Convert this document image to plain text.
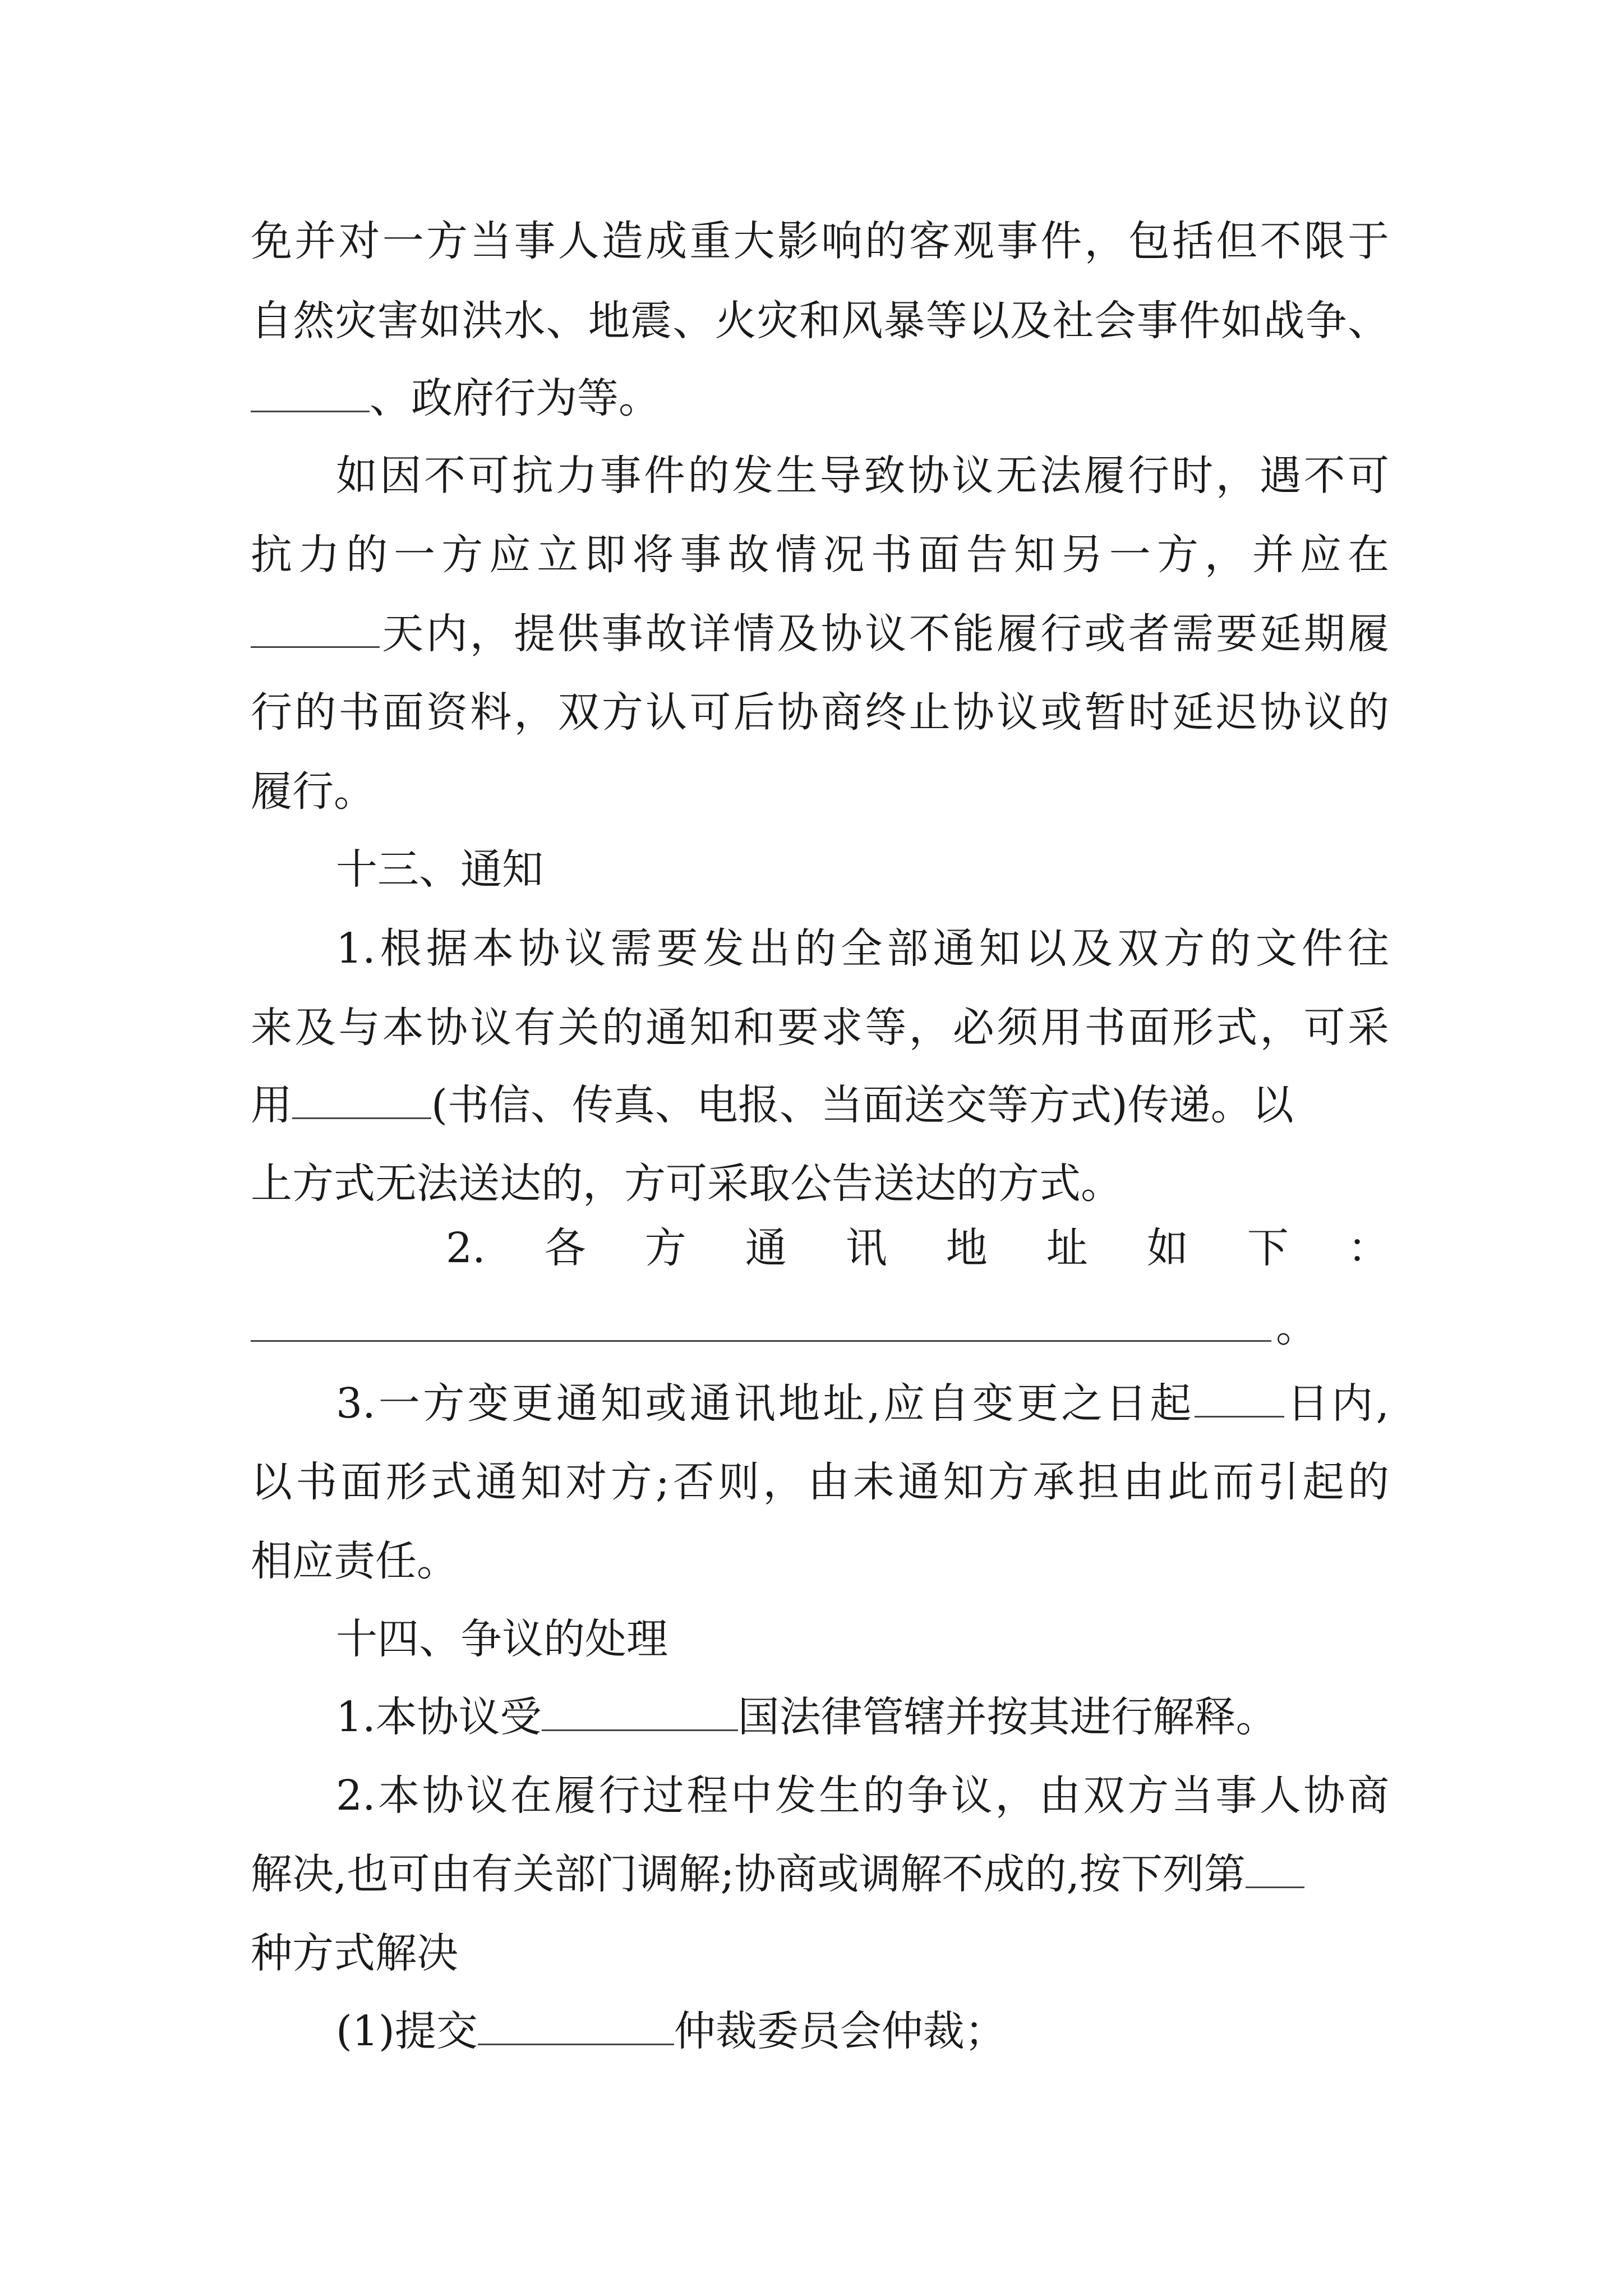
免并对一方当事人造成重大影响的客观事件，包括但不限于
自然灾害如洪水、地震、火灾和风暴等以及社会事件如战争、
、政府行为等。
如因不可抗力事件的发生导致协议无法履行时，遇不可
抗力的一方应立即将事故情况书面告知另一方，并应在
天内，提供事故详情及协议不能履行或者需要延期履
行的书面资料，双方认可后协商终止协议或暂时延迟协议的
履行。
十三、通知
1.根据本协议需要发出的全部通知以及双方的文件往
来及与本协议有关的通知和要求等，必须用书面形式，可采
用	(书信、传真、电报、当面送交等方式)传递。以
上方式无法送达的，方可采取公告送达的方式。
2. 各 方 通 讯 地 址 如 下 ：
。
3.一方变更通知或通讯地址,应自变更之日起 日内,
以书面形式通知对方;否则，由未通知方承担由此而引起的
相应责任。
十四、争议的处理
1.本协议受	国法律管辖并按其进行解释。
2.本协议在履行过程中发生的争议，由双方当事人协商
解决,也可由有关部门调解;协商或调解不成的,按下列第
种方式解决
(1)提交	仲裁委员会仲裁；
